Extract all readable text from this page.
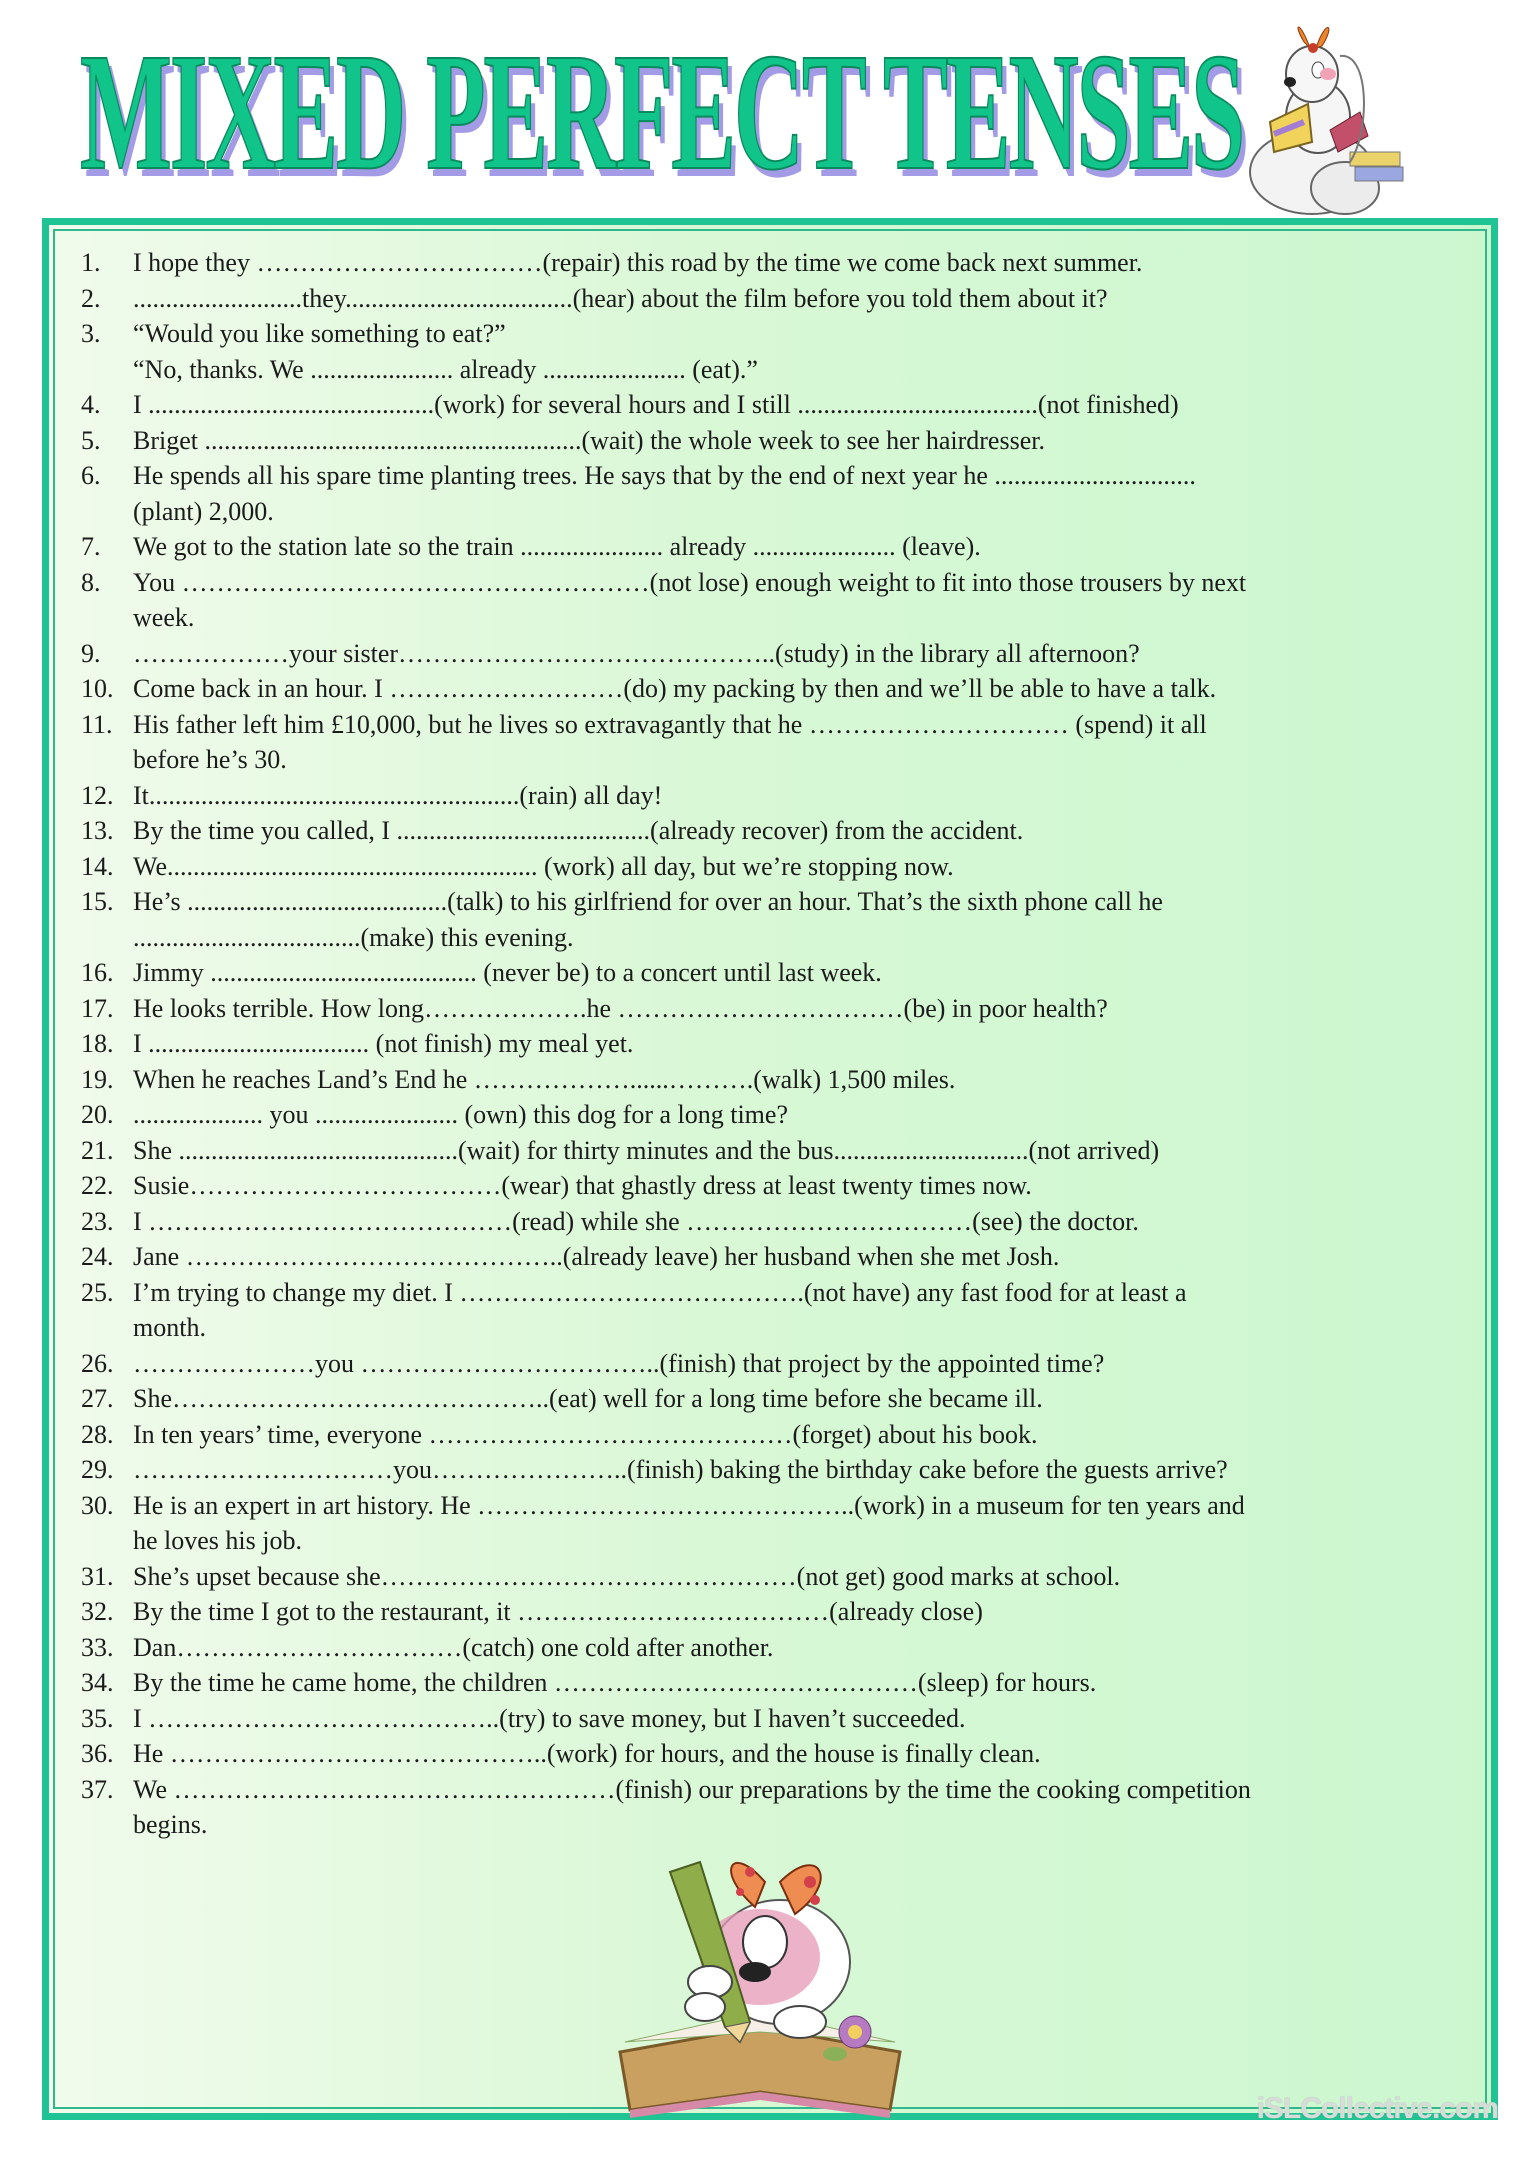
MIXED PERFECT TENSES
1.	I hope they ……………………………(repair) this road by the time we come back next summer.
2.	..........................they...................................(hear) about the film before you told them about it?
3.	“Would you like something to eat?”
“No, thanks. We ...................... already ...................... (eat).”
4.	I ............................................(work) for several hours and I still .....................................(not finished)
5.	Briget ..........................................................(wait) the whole week to see her hairdresser.
6.	He spends all his spare time planting trees. He says that by the end of next year he ...............................
(plant) 2,000.
7.	We got to the station late so the train ...................... already ...................... (leave).
8.	You ………………………………………………(not lose) enough weight to fit into those trousers by next
week.
9.	………………your sister……………………………………..(study) in the library all afternoon?
10. Come back in an hour. I ………………………(do) my packing by then and we’ll be able to have a talk.
11. His father left him £10,000, but he lives so extravagantly that he ………………………… (spend) it all
before he’s 30.
12. It.........................................................(rain) all day!
13. By the time you called, I .......................................(already recover) from the accident.
14. We......................................................... (work) all day, but we’re stopping now.
15. He’s ........................................(talk) to his girlfriend for over an hour. That’s the sixth phone call he
...................................(make) this evening.
16. Jimmy ......................................... (never be) to a concert until last week.
17. He looks terrible. How long……………….he ……………………………(be) in poor health?
18. I .................................. (not finish) my meal yet.
19. When he reaches Land’s End he ………………......……….(walk) 1,500 miles.
20. .................... you ...................... (own) this dog for a long time?
21. She ...........................................(wait) for thirty minutes and the bus..............................(not arrived)
22. Susie………………………………(wear) that ghastly dress at least twenty times now.
23. I ……………………………………(read) while she ……………………………(see) the doctor.
24. Jane ……………………………………..(already leave) her husband when she met Josh.
25. I’m trying to change my diet. I ………………………………….(not have) any fast food for at least a
month.
26. …………………you ……………………………..(finish) that project by the appointed time?
27. She……………………………………..(eat) well for a long time before she became ill.
28. In ten years’ time, everyone ……………………………………(forget) about his book.
29. …………………………you…………………..(finish) baking the birthday cake before the guests arrive?
30. He is an expert in art history. He ……………………………………..(work) in a museum for ten years and
he loves his job.
31. She’s upset because she…………………………………………(not get) good marks at school.
32. By the time I got to the restaurant, it ………………………………(already close)
33. Dan……………………………(catch) one cold after another.
34. By the time he came home, the children ……………………………………(sleep) for hours.
35. I …………………………………..(try) to save money, but I haven’t succeeded.
36. He ……………………………………..(work) for hours, and the house is finally clean.
37. We ……………………………………………(finish) our preparations by the time the cooking competition
begins.
iSLCollective.com
